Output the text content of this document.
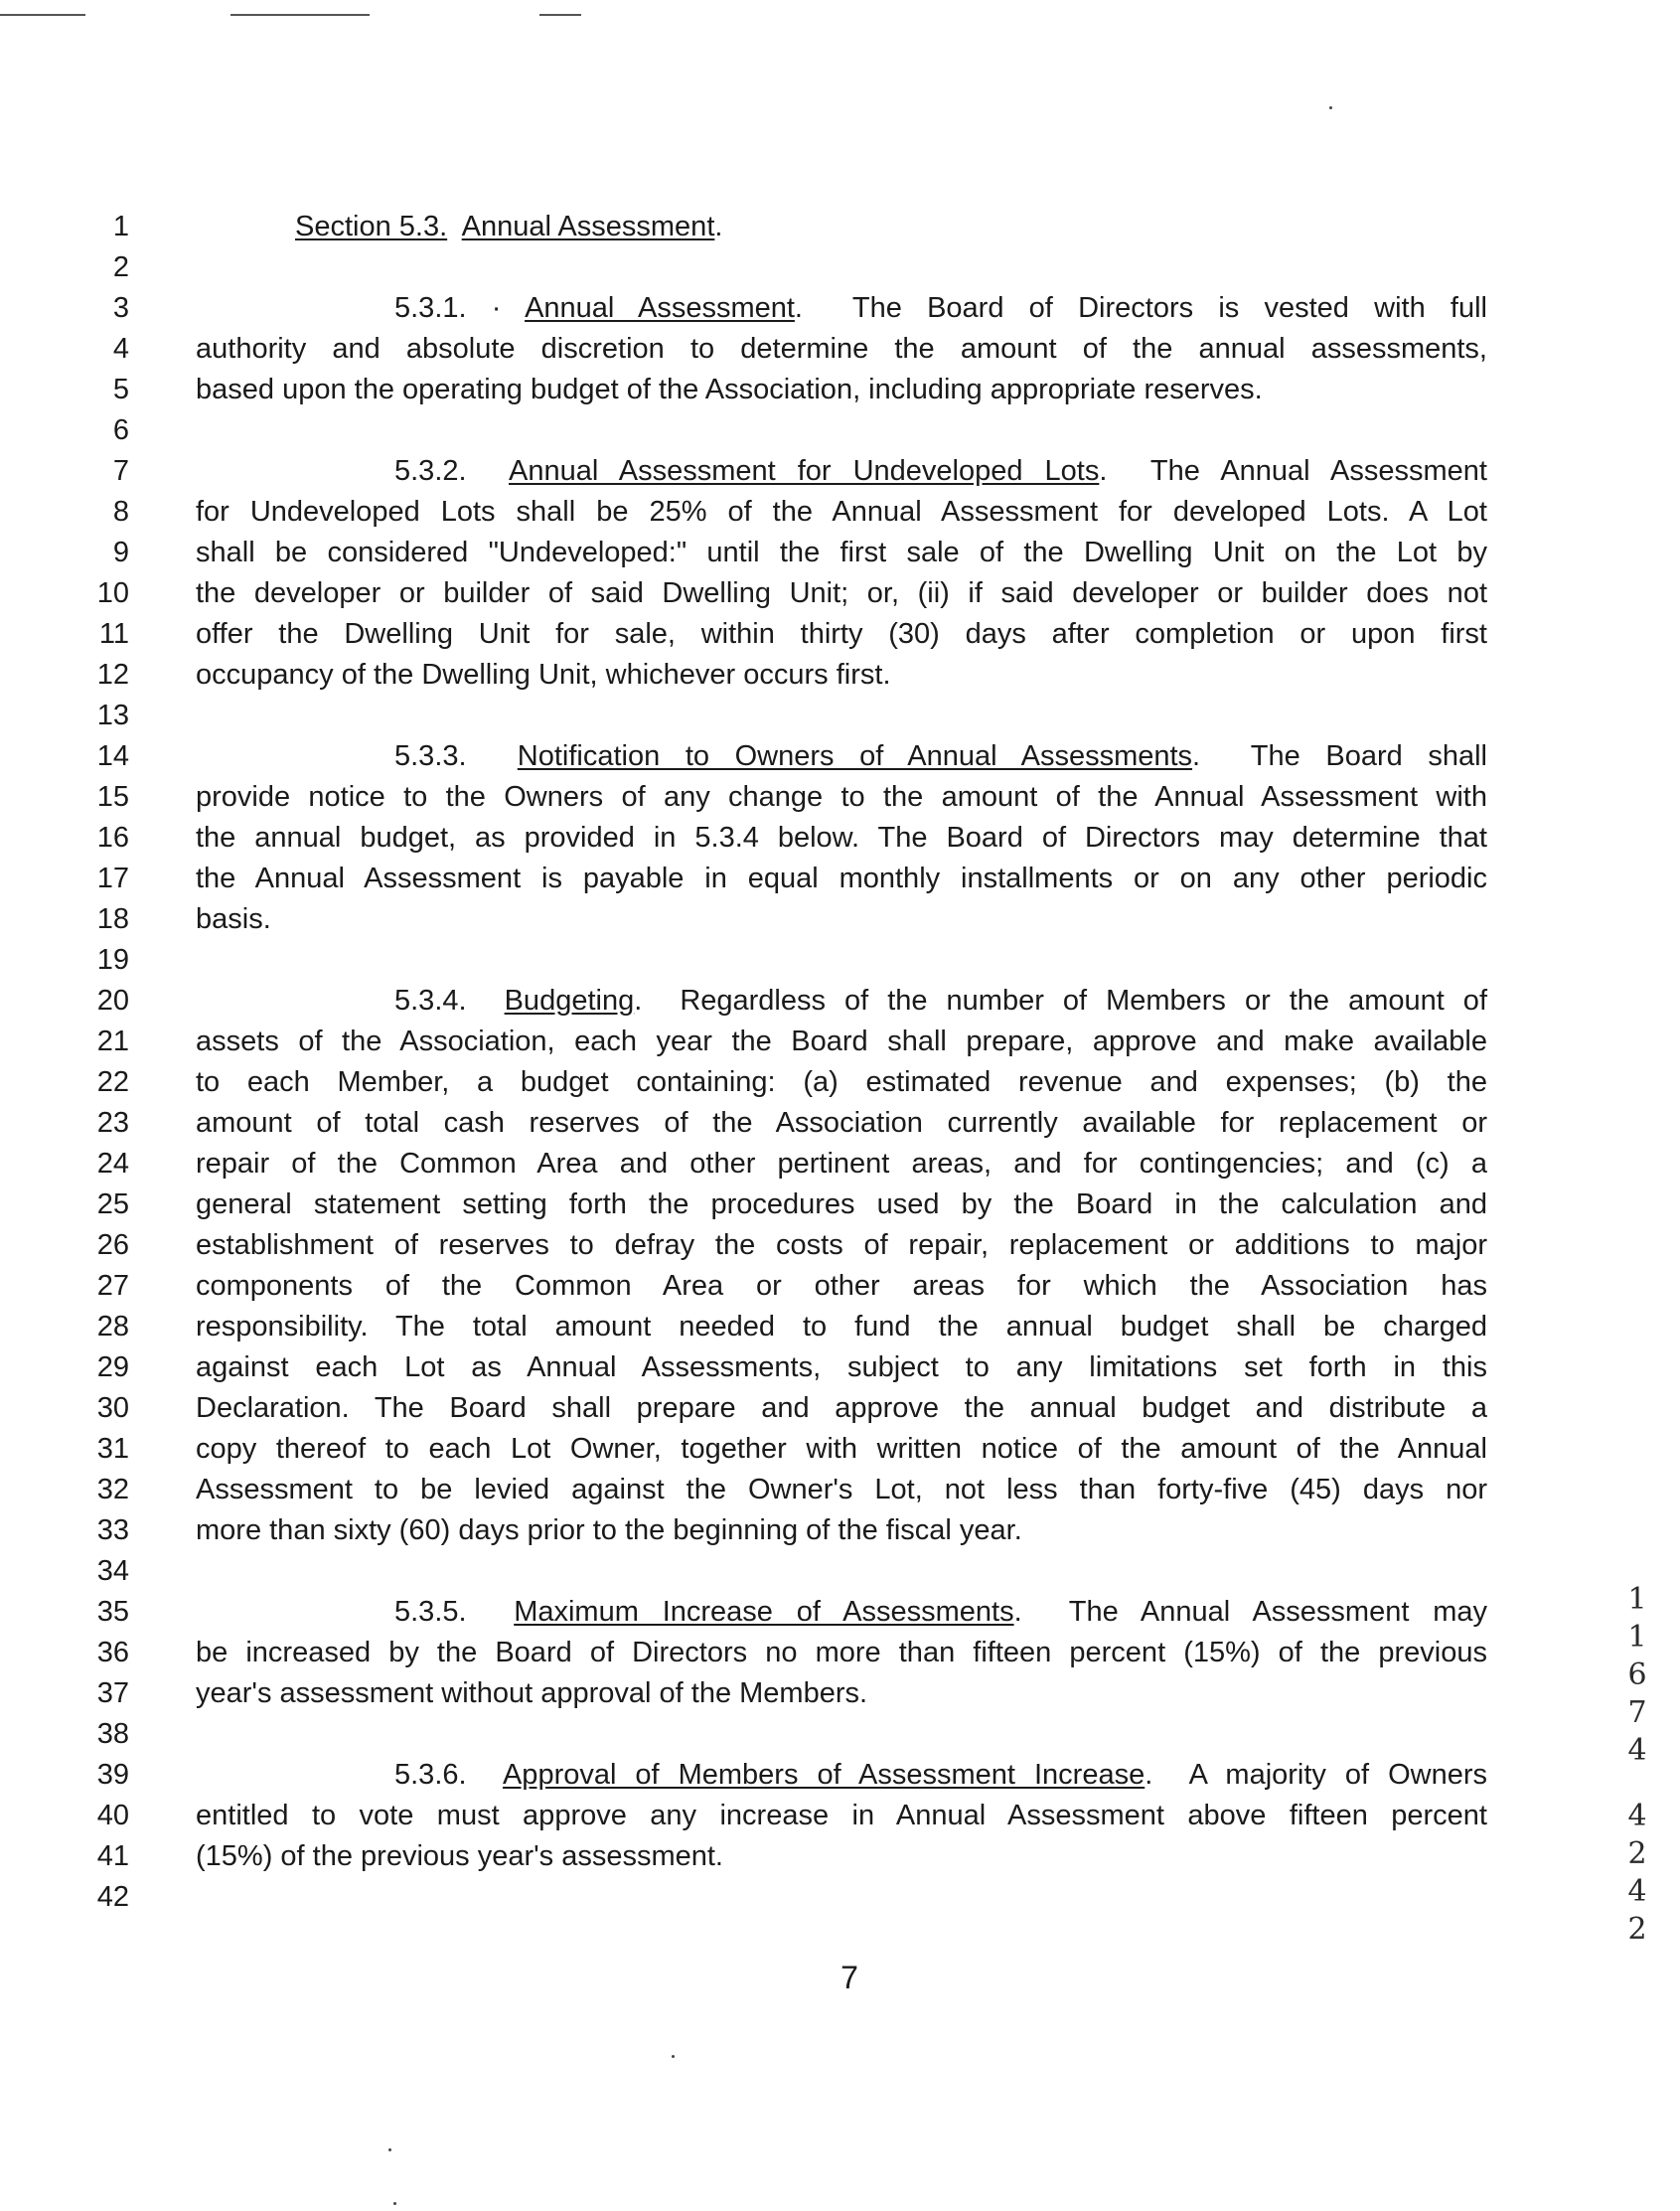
1
2
3
4
5
6
7
8
9
10
11
12
13
14
15
16
17
18
19
20
21
22
23
24
25
26
27
28
29
30
31
32
33
34
35
36
37
38
39
40
41
42
Section 5.3. Annual Assessment.
5.3.1. · Annual Assessment.  The Board of Directors is vested with full
authority and absolute discretion to determine the amount of the annual assessments,
based upon the operating budget of the Association, including appropriate reserves.
5.3.2. Annual Assessment for Undeveloped Lots.  The Annual Assessment
for Undeveloped Lots shall be 25% of the Annual Assessment for developed Lots. A Lot
shall be considered "Undeveloped:" until the first sale of the Dwelling Unit on the Lot by
the developer or builder of said Dwelling Unit; or, (ii) if said developer or builder does not
offer the Dwelling Unit for sale, within thirty (30) days after completion or upon first
occupancy of the Dwelling Unit, whichever occurs first.
5.3.3. Notification to Owners of Annual Assessments.  The Board shall
provide notice to the Owners of any change to the amount of the Annual Assessment with
the annual budget, as provided in 5.3.4 below. The Board of Directors may determine that
the Annual Assessment is payable in equal monthly installments or on any other periodic
basis.
5.3.4. Budgeting.  Regardless of the number of Members or the amount of
assets of the Association, each year the Board shall prepare, approve and make available
to each Member, a budget containing: (a) estimated revenue and expenses; (b) the
amount of total cash reserves of the Association currently available for replacement or
repair of the Common Area and other pertinent areas, and for contingencies; and (c) a
general statement setting forth the procedures used by the Board in the calculation and
establishment of reserves to defray the costs of repair, replacement or additions to major
components of the Common Area or other areas for which the Association has
responsibility. The total amount needed to fund the annual budget shall be charged
against each Lot as Annual Assessments, subject to any limitations set forth in this
Declaration. The Board shall prepare and approve the annual budget and distribute a
copy thereof to each Lot Owner, together with written notice of the amount of the Annual
Assessment to be levied against the Owner's Lot, not less than forty-five (45) days nor
more than sixty (60) days prior to the beginning of the fiscal year.
5.3.5. Maximum Increase of Assessments.  The Annual Assessment may
be increased by the Board of Directors no more than fifteen percent (15%) of the previous
year's assessment without approval of the Members.
5.3.6. Approval of Members of Assessment Increase.  A majority of Owners
entitled to vote must approve any increase in Annual Assessment above fifteen percent
(15%) of the previous year's assessment.
7
1
1
6
7
4
4
2
4
2
